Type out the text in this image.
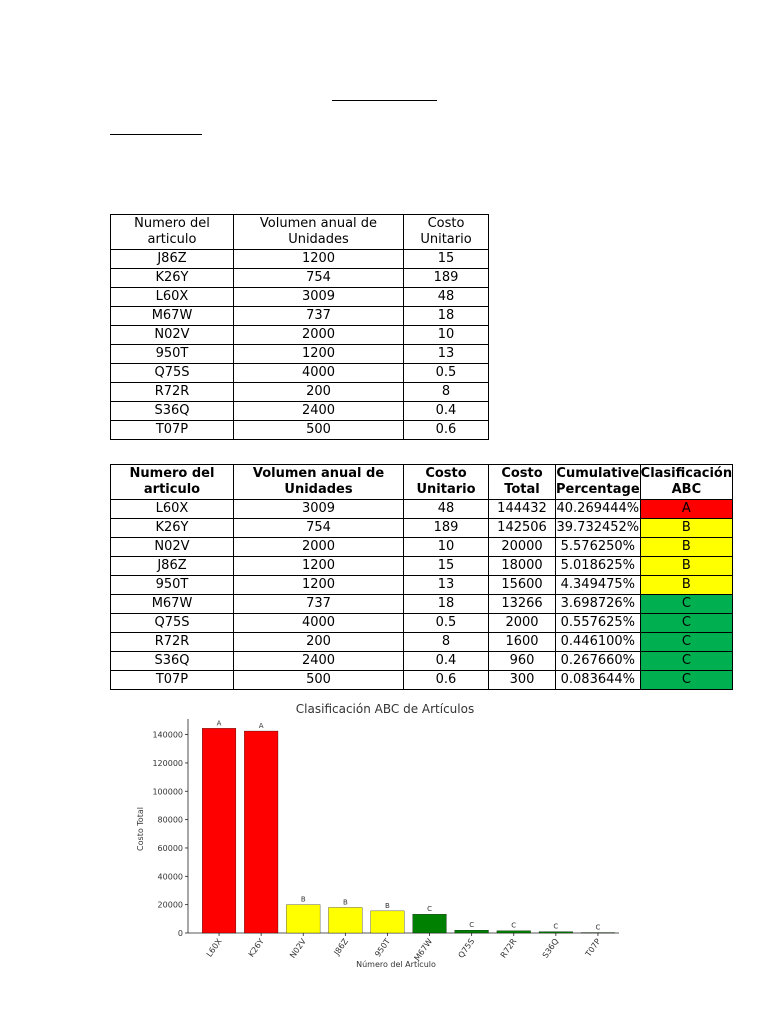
Numero del articulo	Volumen anual de Unidades	Costo Unitario
J86Z	1200	15
K26Y	754	189
L60X	3009	48
M67W	737	18
N02V	2000	10
950T	1200	13
Q75S	4000	0.5
R72R	200	8
S36Q	2400	0.4
T07P	500	0.6
Numero del articulo	Volumen anual de Unidades	Costo Unitario	Costo Total	Cumulative Percentage	Clasificación ABC
L60X	3009	48	144432	40.269444%	A
K26Y	754	189	142506	39.732452%	B
N02V	2000	10	20000	5.576250%	B
J86Z	1200	15	18000	5.018625%	B
950T	1200	13	15600	4.349475%	B
M67W	737	18	13266	3.698726%	C
Q75S	4000	0.5	2000	0.557625%	C
R72R	200	8	1600	0.446100%	C
S36Q	2400	0.4	960	0.267660%	C
T07P	500	0.6	300	0.083644%	C
Clasificación ABC de Artículos
Costo Total
Número del Artículo
0
20000
40000
60000
80000
100000
120000
140000
L60X	K26Y	N02V	J86Z	950T	M67W	Q75S	R72R	S36Q	T07P
A	A
B	B	B	C
C	C	C	C
